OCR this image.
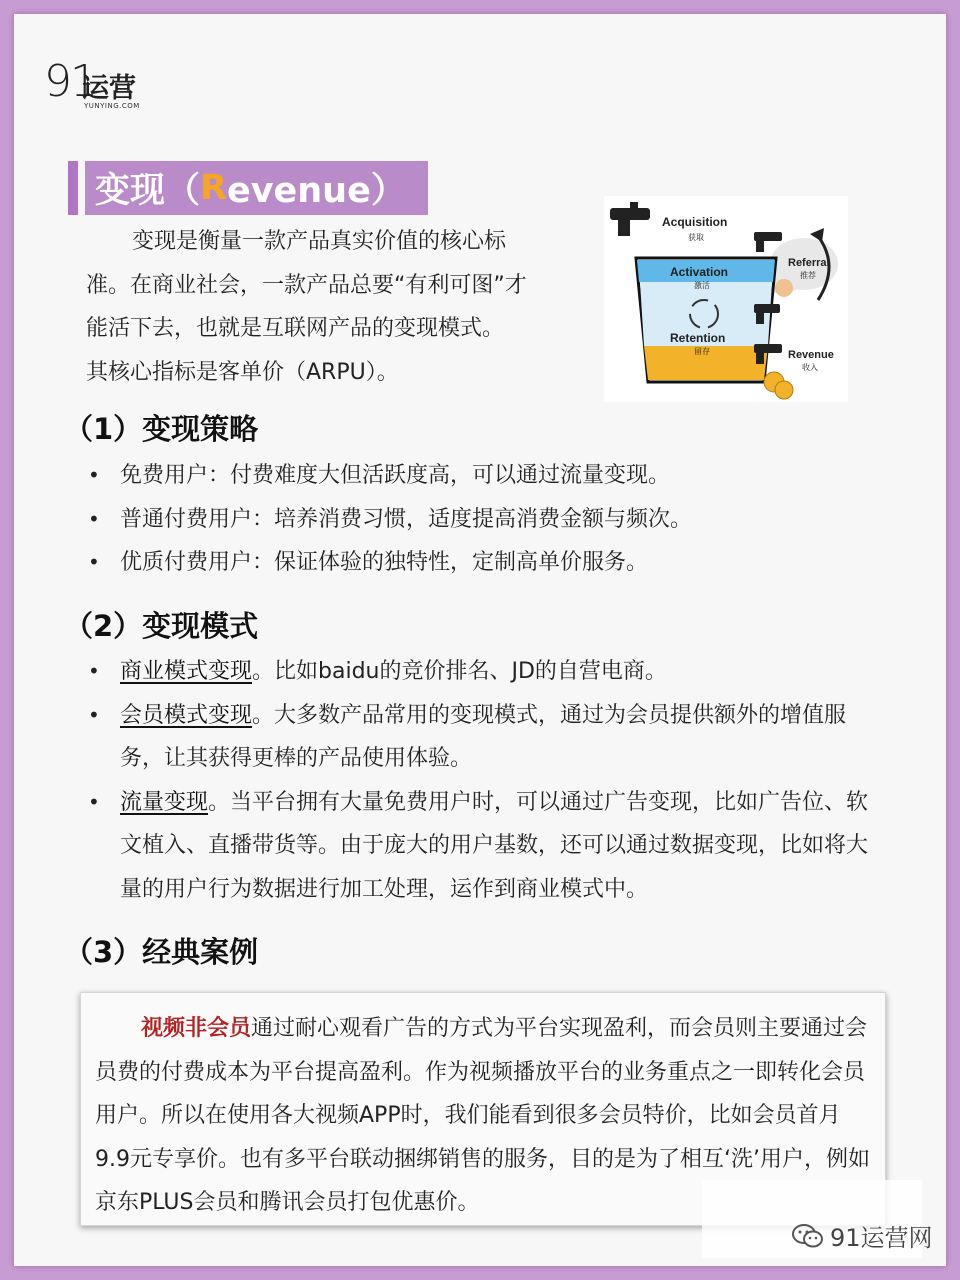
91
运营
YUNYING.COM
变现（ R evenue）

变现是衡量一款产品真实价值的核心标

准。在商业社会，一款产品总要“有利可图”才
能活下去，也就是互联网产品的变现模式。
其核心指标是客单价（ARPU）。
Acquisition
获取
Activation
激活
Retention
留存
Referral
推荐
Revenue
收入
（1）变现策略
• 免费用户：付费难度大但活跃度高，可以通过流量变现。
• 普通付费用户：培养消费习惯，适度提高消费金额与频次。
• 优质付费用户：保证体验的独特性，定制高单价服务。
（2）变现模式
• 商业模式变现。比如baidu的竞价排名、JD的自营电商。
• 会员模式变现。大多数产品常用的变现模式，通过为会员提供额外的增值服务，让其获得更棒的产品使用体验。
• 流量变现。当平台拥有大量免费用户时，可以通过广告变现，比如广告位、软文植入、直播带货等。由于庞大的用户基数，还可以通过数据变现，比如将大量的用户行为数据进行加工处理，运作到商业模式中。
（3）经典案例

视频非会员通过耐心观看广告的方式为平台实现盈利，而会员则主要通过会员费的付费成本为平台提高盈利。作为视频播放平台的业务重点之一即转化会员用户。所以在使用各大视频APP时，我们能看到很多会员特价，比如会员首月9.9元专享价。也有多平台联动捆绑销售的服务，目的是为了相互‘洗’用户，例如京东PLUS会员和腾讯会员打包优惠价。

91运营网
